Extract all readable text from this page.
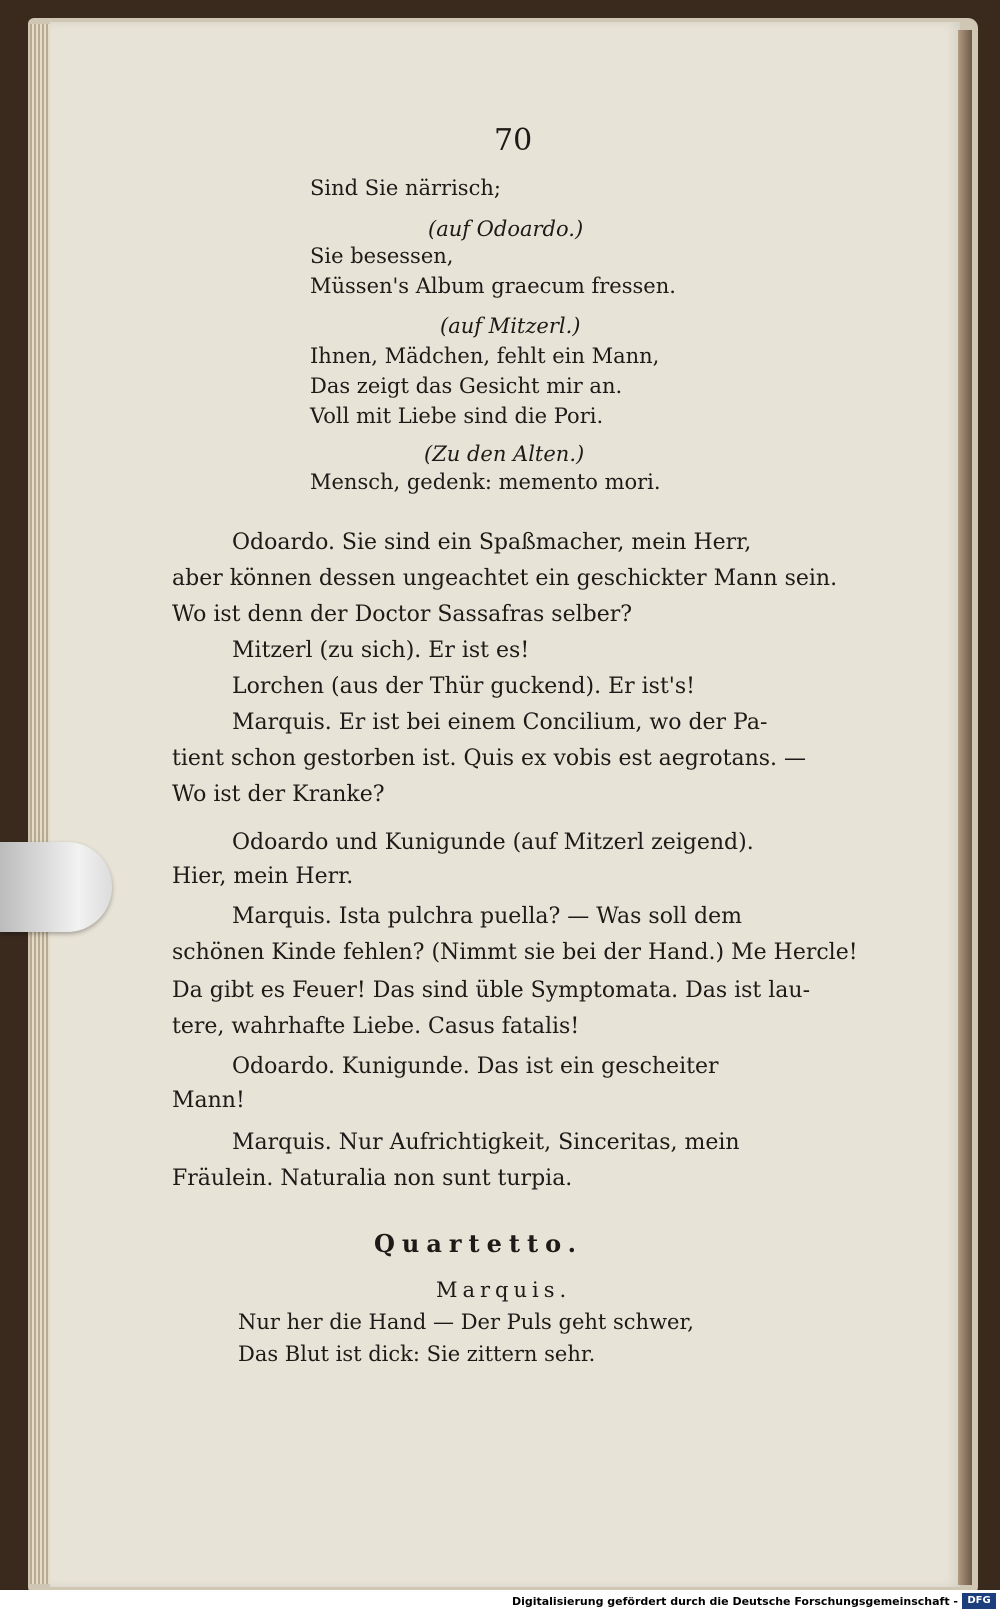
70
Sind Sie närrisch;
(auf Odoardo.)
Sie besessen,
Müssen's Album graecum fressen.
(auf Mitzerl.)
Ihnen, Mädchen, fehlt ein Mann,
Das zeigt das Gesicht mir an.
Voll mit Liebe sind die Pori.
(Zu den Alten.)
Mensch, gedenk: memento mori.
Odoardo. Sie sind ein Spaßmacher, mein Herr,
aber können dessen ungeachtet ein geschickter Mann sein.
Wo ist denn der Doctor Sassafras selber?
Mitzerl (zu sich). Er ist es!
Lorchen (aus der Thür guckend). Er ist's!
Marquis. Er ist bei einem Concilium, wo der Pa-
tient schon gestorben ist. Quis ex vobis est aegrotans. —
Wo ist der Kranke?
Odoardo und Kunigunde (auf Mitzerl zeigend).
Hier, mein Herr.
Marquis. Ista pulchra puella? — Was soll dem
schönen Kinde fehlen? (Nimmt sie bei der Hand.) Me Hercle!
Da gibt es Feuer! Das sind üble Symptomata. Das ist lau-
tere, wahrhafte Liebe. Casus fatalis!
Odoardo. Kunigunde. Das ist ein gescheiter
Mann!
Marquis. Nur Aufrichtigkeit, Sinceritas, mein
Fräulein. Naturalia non sunt turpia.
Quartetto.
Marquis.
Nur her die Hand — Der Puls geht schwer,
Das Blut ist dick: Sie zittern sehr.
Digitalisierung gefördert durch die Deutsche Forschungsgemeinschaft - DFG
